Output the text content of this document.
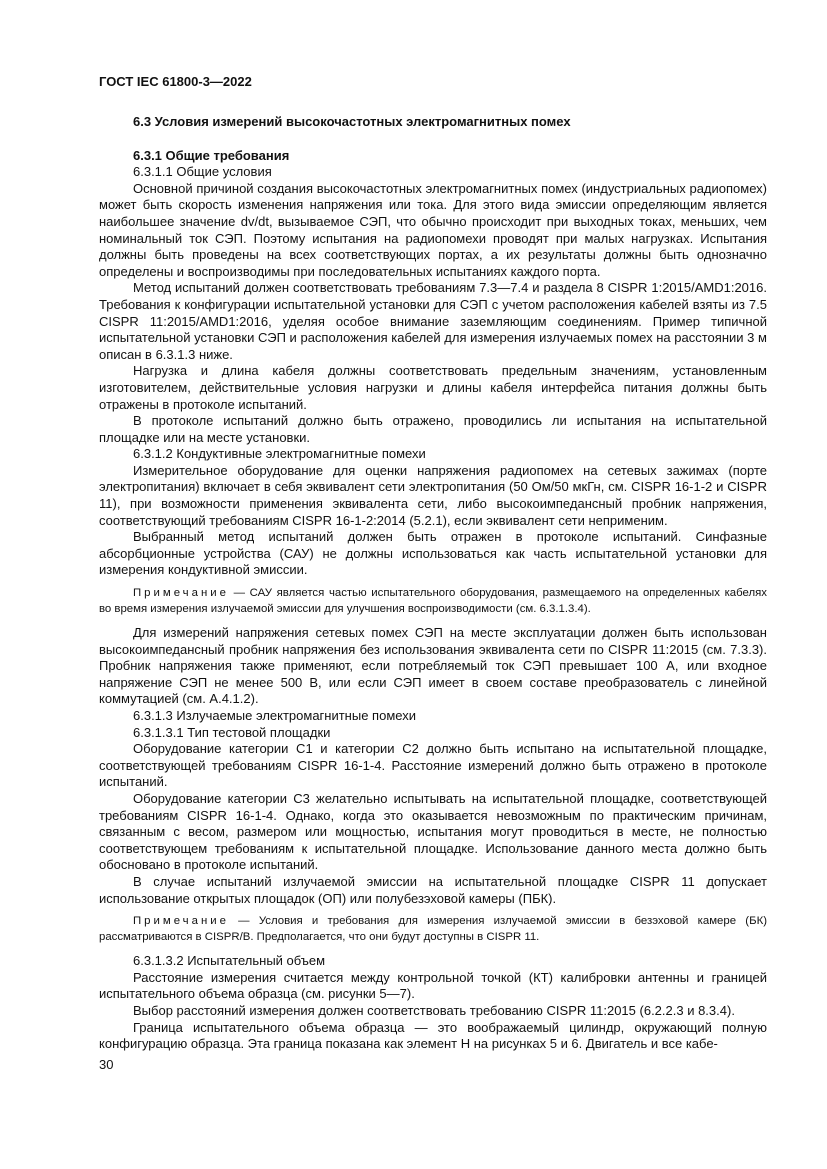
ГОСТ IEC 61800-3—2022

6.3 Условия измерений высокочастотных электромагнитных помех

6.3.1 Общие требования

6.3.1.1 Общие условия

Основной причиной создания высокочастотных электромагнитных помех (индустриальных радиопомех) может быть скорость изменения напряжения или тока. Для этого вида эмиссии определяющим является наибольшее значение dv/dt, вызываемое СЭП, что обычно происходит при выходных токах, меньших, чем номинальный ток СЭП. Поэтому испытания на радиопомехи проводят при малых нагрузках. Испытания должны быть проведены на всех соответствующих портах, а их результаты должны быть однозначно определены и воспроизводимы при последовательных испытаниях каждого порта.

Метод испытаний должен соответствовать требованиям 7.3—7.4 и раздела 8 CISPR 1:2015/AMD1:2016. Требования к конфигурации испытательной установки для СЭП с учетом расположения кабелей взяты из 7.5 CISPR 11:2015/AMD1:2016, уделяя особое внимание заземляющим соединениям. Пример типичной испытательной установки СЭП и расположения кабелей для измерения излучаемых помех на расстоянии 3 м описан в 6.3.1.3 ниже.

Нагрузка и длина кабеля должны соответствовать предельным значениям, установленным изготовителем, действительные условия нагрузки и длины кабеля интерфейса питания должны быть отражены в протоколе испытаний.

В протоколе испытаний должно быть отражено, проводились ли испытания на испытательной площадке или на месте установки.

6.3.1.2 Кондуктивные электромагнитные помехи

Измерительное оборудование для оценки напряжения радиопомех на сетевых зажимах (порте электропитания) включает в себя эквивалент сети электропитания (50 Ом/50 мкГн, см. CISPR 16-1-2 и CISPR 11), при возможности применения эквивалента сети, либо высокоимпедансный пробник напряжения, соответствующий требованиям CISPR 16-1-2:2014 (5.2.1), если эквивалент сети неприменим.

Выбранный метод испытаний должен быть отражен в протоколе испытаний. Синфазные абсорбционные устройства (САУ) не должны использоваться как часть испытательной установки для измерения кондуктивной эмиссии.

Примечание — САУ является частью испытательного оборудования, размещаемого на определенных кабелях во время измерения излучаемой эмиссии для улучшения воспроизводимости (см. 6.3.1.3.4).

Для измерений напряжения сетевых помех СЭП на месте эксплуатации должен быть использован высокоимпедансный пробник напряжения без использования эквивалента сети по CISPR 11:2015 (см. 7.3.3). Пробник напряжения также применяют, если потребляемый ток СЭП превышает 100 А, или входное напряжение СЭП не менее 500 В, или если СЭП имеет в своем составе преобразователь с линейной коммутацией (см. А.4.1.2).

6.3.1.3 Излучаемые электромагнитные помехи

6.3.1.3.1 Тип тестовой площадки

Оборудование категории С1 и категории С2 должно быть испытано на испытательной площадке, соответствующей требованиям CISPR 16-1-4. Расстояние измерений должно быть отражено в протоколе испытаний.

Оборудование категории С3 желательно испытывать на испытательной площадке, соответствующей требованиям CISPR 16-1-4. Однако, когда это оказывается невозможным по практическим причинам, связанным с весом, размером или мощностью, испытания могут проводиться в месте, не полностью соответствующем требованиям к испытательной площадке. Использование данного места должно быть обосновано в протоколе испытаний.

В случае испытаний излучаемой эмиссии на испытательной площадке CISPR 11 допускает использование открытых площадок (ОП) или полубезэховой камеры (ПБК).

Примечание — Условия и требования для измерения излучаемой эмиссии в безэховой камере (БК) рассматриваются в CISPR/B. Предполагается, что они будут доступны в CISPR 11.

6.3.1.3.2 Испытательный объем

Расстояние измерения считается между контрольной точкой (КТ) калибровки антенны и границей испытательного объема образца (см. рисунки 5—7).

Выбор расстояний измерения должен соответствовать требованию CISPR 11:2015 (6.2.2.3 и 8.3.4).

Граница испытательного объема образца — это воображаемый цилиндр, окружающий полную конфигурацию образца. Эта граница показана как элемент Н на рисунках 5 и 6. Двигатель и все кабе-

30
